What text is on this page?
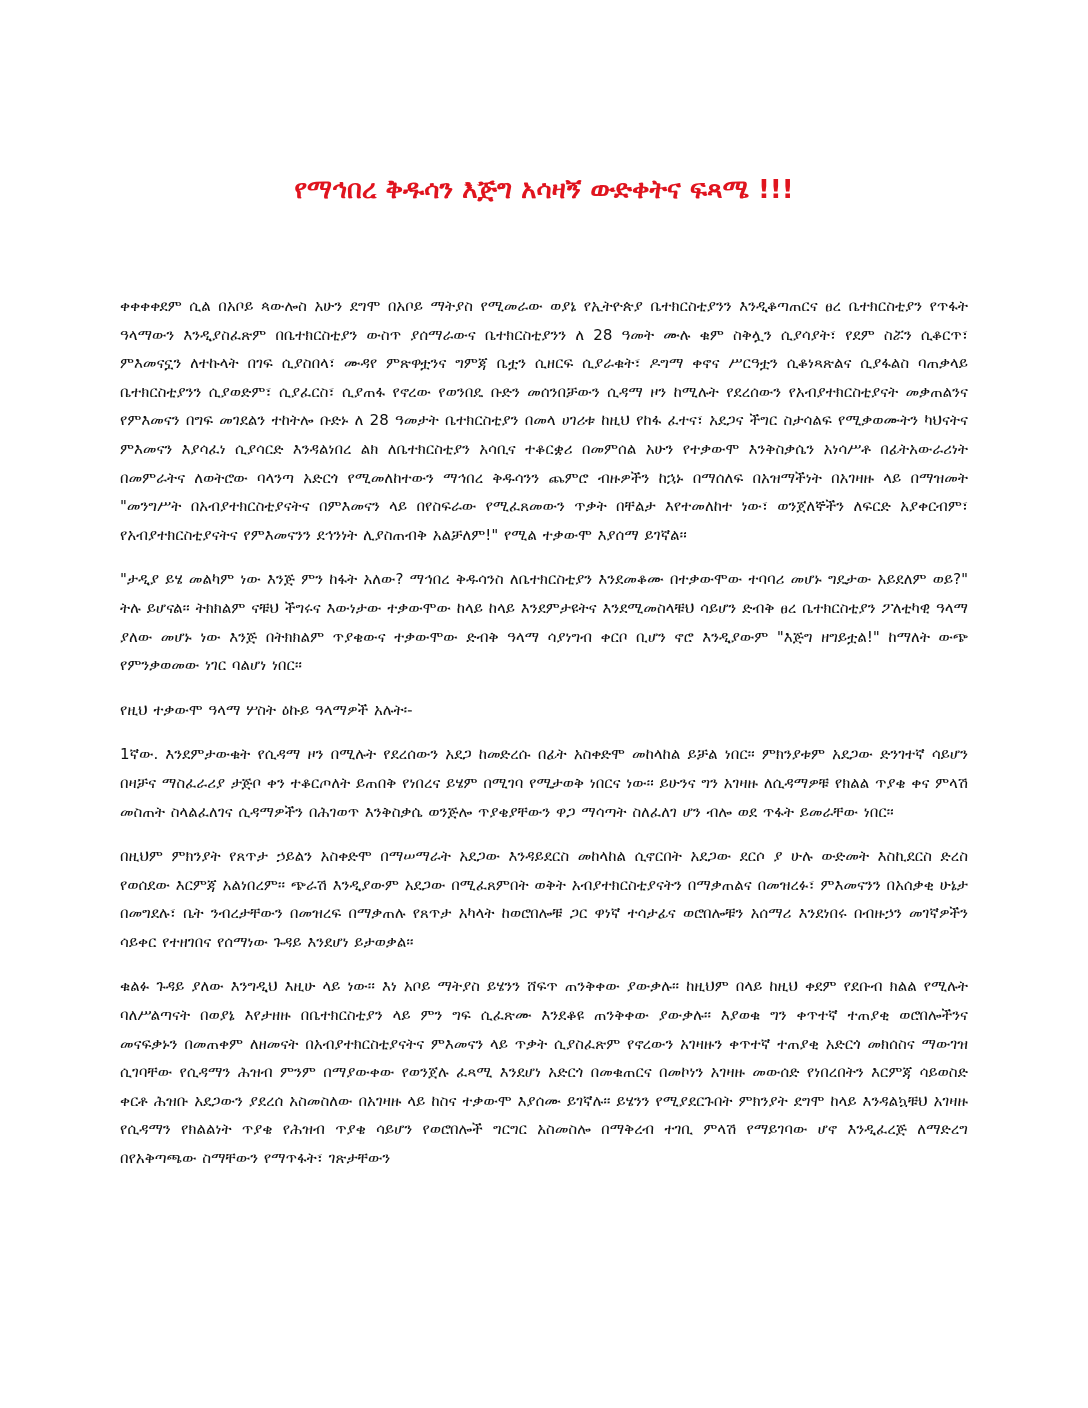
የማኅበረ ቅዱሳን እጅግ አሳዛኝ ውድቀትና ፍጻሜ !!!

ቀቀቀቀደም ሲል በአቦይ ጳውሎስ አሁን ደግሞ በአቦይ ማትያስ የሚመራው ወያኔ የኢትዮጵያ ቤተክርስቲያንን እንዲቆጣጠርና ፀረ ቤተክርስቲያን የጥፋት ዓላማውን እንዲያስፈጽም በቤተክርስቲያን ውስጥ ያሰማራውና ቤተክርስቲያንን ለ 28 ዓመት ሙሉ ቁም ስቅሏን ሲያሳያት፣ የደም ስሯን ሲቆርጥ፣ ምእመናኗን ለተኩላት በገፍ ሲያስበላ፣ ሙዳየ ምጽዋቷንና ግምጃ ቤቷን ሲዘርፍ ሲያራቁት፣ ዶግማ ቀኖና ሥርዓቷን ሲቆነጻጽልና ሲያፋልስ ባጠቃላይ ቤተክርስቲያንን ሲያወድም፣ ሲያፈርስ፣ ሲያጠፋ የኖረው የወንበዴ ቡድን መሰንበቻውን ሲዳማ ዞን ከሚሉት የደረሰውን የአብያተክርስቲያናት መቃጠልንና የምእመናን በግፍ መገደልን ተከትሎ ቡድኑ ለ 28 ዓመታት ቤተክርስቲያን በመላ ሀገሪቱ ከዚህ የከፋ ፈተና፣ አደጋና ችግር ስታሳልፍ የሚቃወሙትን ካህናትና ምእመናን እያሳፈነ ሲያሳርድ እንዳልነበረ ልክ ለቤተክርስቲያን አሳቢና ተቆርቋሪ በመምሰል አሁን የተቃውሞ እንቅስቃሴን አነሳሥቶ በፊትአውራሪነት በመምራትና ለወትሮው ባላንጣ አድርጎ የሚመለከተውን ማኅበረ ቅዱሳንን ጨምሮ ብዙዎችን ከኋኑ በማሰለፍ በአዝማችነት በአገዛዙ ላይ በማዝመት "መንግሥት በአብያተክርስቲያናትና በምእመናን ላይ በየስፍራው የሚፈጸመውን ጥቃት በቸልታ እየተመለከተ ነው፣ ወንጀለኞችን ለፍርድ አያቀርብም፣ የአብያተክርስቲያናትና የምእመናንን ደኅንነት ሊያስጠብቅ አልቻለም!" የሚል ተቃውሞ እያሰማ ይገኛል፡፡

"ታዲያ ይሄ መልካም ነው እንጅ ምን ከፋት አለው? ማኅበረ ቅዱሳንስ ለቤተክርስቲያን እንደመቆሙ በተቃውሞው ተባባሪ መሆኑ ግዴታው አይደለም ወይ?" ትሉ ይሆናል፡፡ ትክክልም ናቹህ ችግሩና እውነታው ተቃውሞው ከላይ ከላይ እንደምታዩትና እንደሚመስላቹህ ሳይሆን ድብቅ ፀረ ቤተክርስቲያን ፖለቲካዊ ዓላማ ያለው መሆኑ ነው እንጅ በትክክልም ጥያቄውና ተቃውሞው ድብቅ ዓላማ ሳያነግብ ቀርቦ ቢሆን ኖሮ እንዲያውም "እጅግ ዘግይቷል!" ከማለት ውጭ የምንቃወመው ነገር ባልሆነ ነበር፡፡

የዚህ ተቃውሞ ዓላማ ሦስት ዕኩይ ዓላማዎች አሉት፡-

1ኛው. እንደምታውቁት የሲዳማ ዞን በሚሉት የደረሰውን አደጋ ከመድረሱ በፊት አስቀድሞ መከላከል ይቻል ነበር፡፡ ምክንያቱም አደጋው ድንገተኛ ሳይሆን በዛቻና ማስፈራሪያ ታጅቦ ቀን ተቆርጦለት ይጠበቅ የነበረና ይሄም በሚገባ የሚታወቅ ነበርና ነው፡፡ ይሁንና ግን አገዛዙ ለሲዳማዎቹ የክልል ጥያቄ ቀና ምላሽ መስጠት ስላልፈለገና ሲዳማዎችን በሕገወጥ እንቅስቃሴ ወንጅሎ ጥያቄያቸውን ዋጋ ማሳጣት ስለፈለገ ሆን ብሎ ወደ ጥፋት ይመራቸው ነበር፡፡

በዚህም ምክንያት የጸጥታ ኃይልን አስቀድሞ በማሠማራት አደጋው እንዳይደርስ መከላከል ሲኖርበት አደጋው ደርሶ ያ ሁሉ ውድመት እስኪደርስ ድረስ የወሰደው እርምጃ አልነበረም፡፡ ጭራሽ እንዲያውም አደጋው በሚፈጸምበት ወቅት አብያተክርስቲያናትን በማቃጠልና በመዝረፉ፣ ምእመናንን በአሰቃቂ ሁኔታ በመግደሉ፣ ቤት ንብረታቸውን በመዝረፍ በማቃጠሉ የጸጥታ አካላት ከወሮበሎቹ ጋር ዋነኛ ተሳታፊና ወሮበሎቹን አሰማሪ እንደነበሩ በብዙኃን መገኛዎችን ሳይቀር የተዘገበና የሰማነው ጉዳይ እንደሆነ ይታወቃል፡፡

ቁልፉ ጉዳይ ያለው እንግዲህ እዚሁ ላይ ነው፡፡ እነ አቦይ ማትያስ ይሄንን ሸፍጥ ጠንቅቀው ያውቃሉ፡፡ ከዚህም በላይ ከዚህ ቀደም የደቡብ ክልል የሚሉት ባለሥልጣናት በወያኔ እየታዘዙ በቤተክርስቲያን ላይ ምን ግፍ ሲፈጽሙ እንደቆዩ ጠንቅቀው ያውቃሉ፡፡ እያወቁ ግን ቀጥተኛ ተጠያቂ ወሮበሎችንና መናፍቃኑን በመጠቀም ለዘመናት በአብያተክርስቲያናትና ምእመናን ላይ ጥቃት ሲያስፈጽም የኖረውን አገዛዙን ቀጥተኛ ተጠያቂ አድርጎ መክሰስና ማውገዝ ሲገባቸው የሲዳማን ሕዝብ ምንም በማያውቀው የወንጀሉ ፈጻሚ እንደሆነ አድርጎ በመቁጠርና በመኮነን አገዛዙ መውሰድ የነበረበትን እርምጃ ሳይወስድ ቀርቶ ሕዝቡ አደጋውን ያደረሰ አስመስለው በአገዛዙ ላይ ከስና ተቃውሞ እያሰሙ ይገኛሉ፡፡ ይሄንን የሚያደርጉበት ምክንያት ደግሞ ከላይ እንዳልኳቹህ አገዛዙ የሲዳማን የክልልነት ጥያቄ የሕዝብ ጥያቄ ሳይሆን የወሮበሎች ግርግር አስመስሎ በማቅረብ ተገቢ ምላሽ የማይገባው ሆኖ እንዲፈረጅ ለማድረግ በየአቅጣጫው ስማቸውን የማጥፋት፣ ገጽታቸውን
